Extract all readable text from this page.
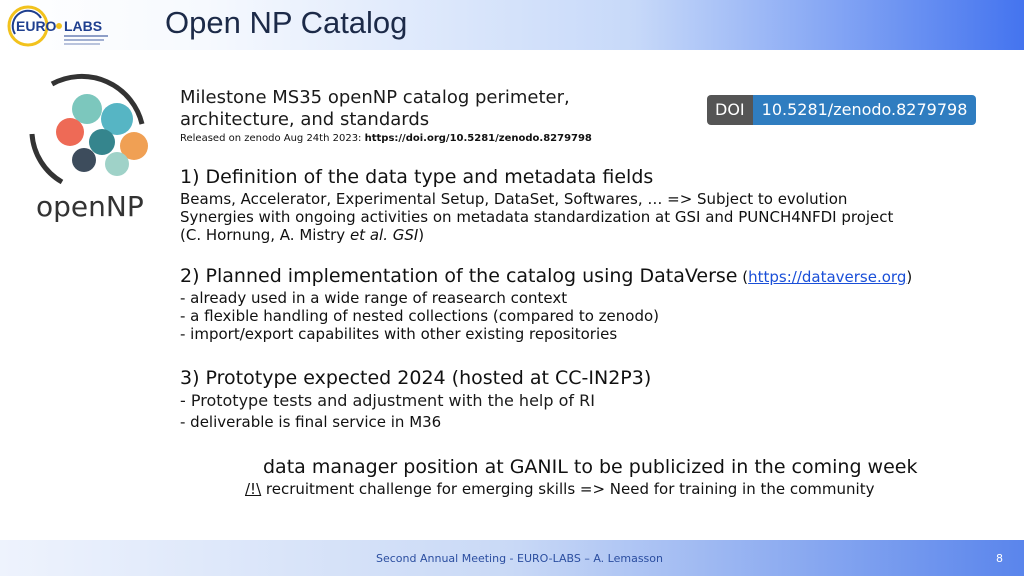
EURO LABS Open NP Catalog
openNP
DOI	10.5281/zenodo.8279798
Milestone MS35 openNP catalog perimeter,
architecture, and standards
Released on zenodo Aug 24th 2023: https://doi.org/10.5281/zenodo.8279798
1) Definition of the data type and metadata fields
Beams, Accelerator, Experimental Setup, DataSet, Softwares, … => Subject to evolution
Synergies with ongoing activities on metadata standardization at GSI and PUNCH4NFDI project
(C. Hornung, A. Mistry et al. GSI)
2) Planned implementation of the catalog using DataVerse (https://dataverse.org)
- already used in a wide range of reasearch context
- a flexible handling of nested collections (compared to zenodo)
- import/export capabilites with other existing repositories
3) Prototype expected 2024 (hosted at CC-IN2P3)
- Prototype tests and adjustment with the help of RI
- deliverable is final service in M36
data manager position at GANIL to be publicized in the coming week
/!\ recruitment challenge for emerging skills => Need for training in the community
Second Annual Meeting - EURO-LABS – A. Lemasson	8
